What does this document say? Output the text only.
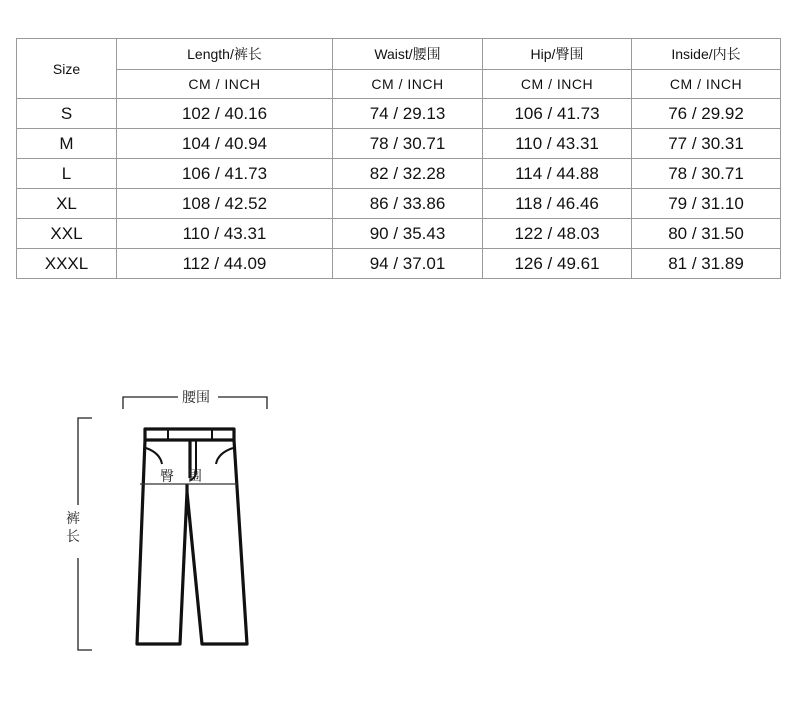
Size	Length/裤长	Waist/腰围	Hip/臀围	Inside/内长
	CM / INCH	CM / INCH	CM / INCH	CM / INCH
S	102 / 40.16	74 / 29.13	106 / 41.73	76 / 29.92
M	104 / 40.94	78 / 30.71	110 / 43.31	77 / 30.31
L	106 / 41.73	82 / 32.28	114 / 44.88	78 / 30.71
XL	108 / 42.52	86 / 33.86	118 / 46.46	79 / 31.10
XXL	110 / 43.31	90 / 35.43	122 / 48.03	80 / 31.50
XXXL	112 / 44.09	94 / 37.01	126 / 49.61	81 / 31.89
腰围
臀围
裤长
